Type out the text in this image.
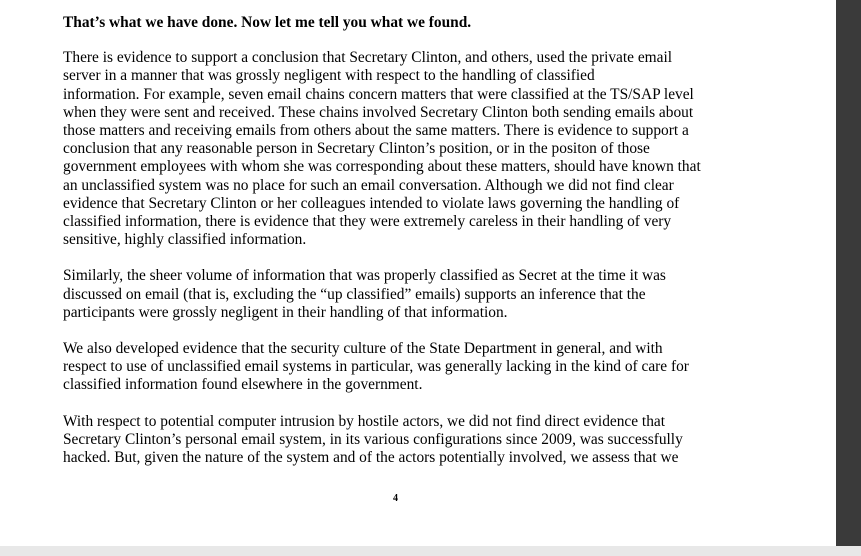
That’s what we have done. Now let me tell you what we found.
There is evidence to support a conclusion that Secretary Clinton, and others, used the private email
server in a manner that was grossly negligent with respect to the handling of classified
information. For example, seven email chains concern matters that were classified at the TS/SAP level
when they were sent and received. These chains involved Secretary Clinton both sending emails about
those matters and receiving emails from others about the same matters. There is evidence to support a
conclusion that any reasonable person in Secretary Clinton’s position, or in the positon of those
government employees with whom she was corresponding about these matters, should have known that
an unclassified system was no place for such an email conversation. Although we did not find clear
evidence that Secretary Clinton or her colleagues intended to violate laws governing the handling of
classified information, there is evidence that they were extremely careless in their handling of very
sensitive, highly classified information.
Similarly, the sheer volume of information that was properly classified as Secret at the time it was
discussed on email (that is, excluding the “up classified” emails) supports an inference that the
participants were grossly negligent in their handling of that information.
We also developed evidence that the security culture of the State Department in general, and with
respect to use of unclassified email systems in particular, was generally lacking in the kind of care for
classified information found elsewhere in the government.
With respect to potential computer intrusion by hostile actors, we did not find direct evidence that
Secretary Clinton’s personal email system, in its various configurations since 2009, was successfully
hacked. But, given the nature of the system and of the actors potentially involved, we assess that we
4
